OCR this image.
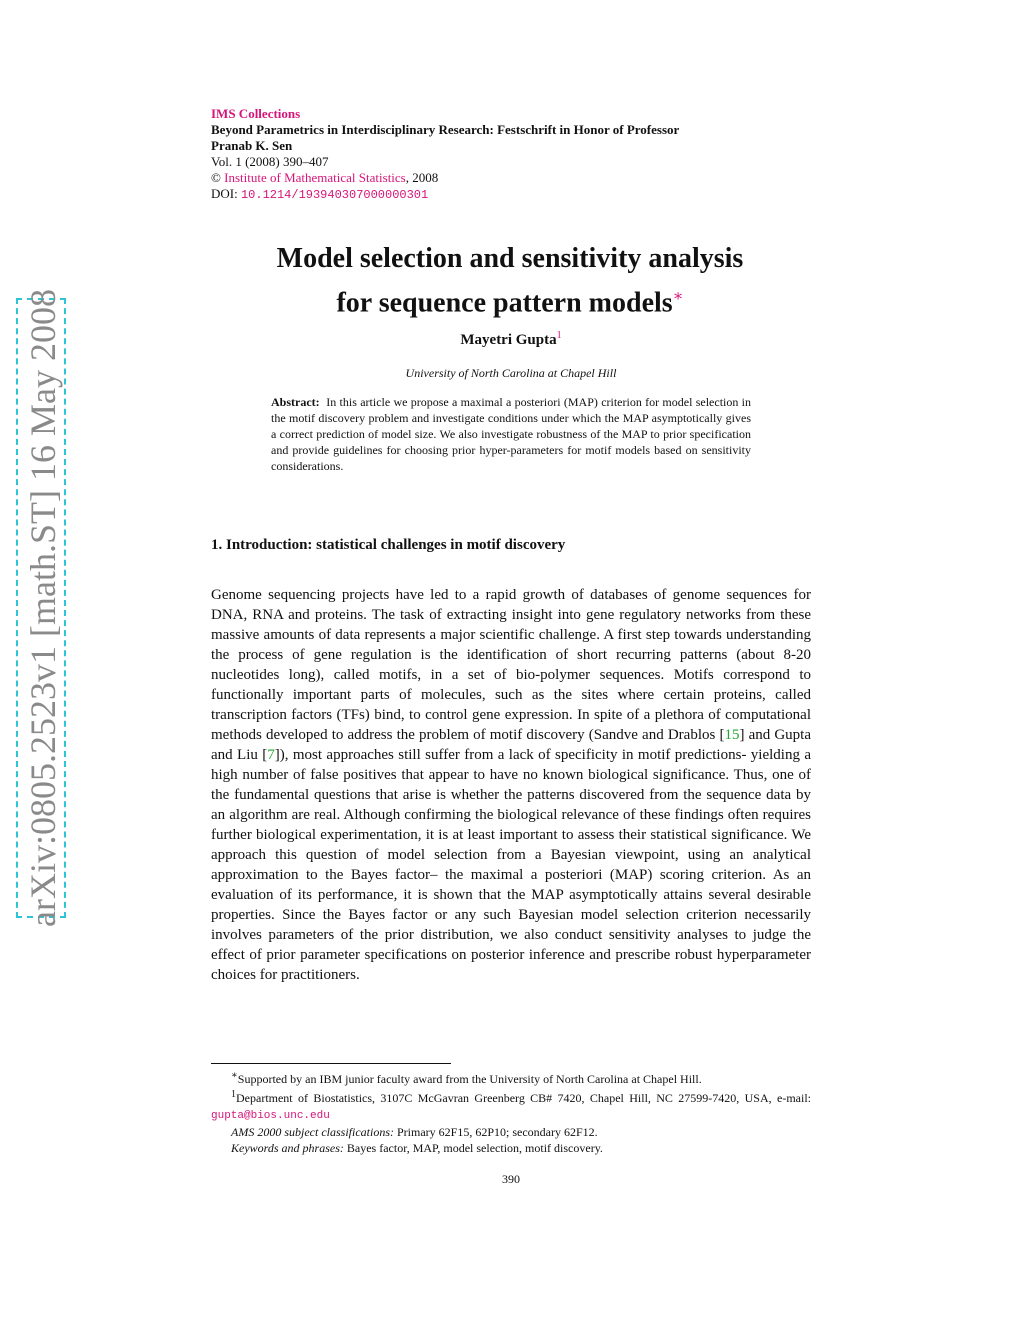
arXiv:0805.2523v1 [math.ST] 16 May 2008
IMS Collections
Beyond Parametrics in Interdisciplinary Research: Festschrift in Honor of Professor
Pranab K. Sen
Vol. 1 (2008) 390–407
© Institute of Mathematical Statistics, 2008
DOI: 10.1214/193940307000000301
Model selection and sensitivity analysis
for sequence pattern models∗
Mayetri Gupta$^1$
University of North Carolina at Chapel Hill
Abstract: In this article we propose a maximal a posteriori (MAP) criterion for model selection in the motif discovery problem and investigate conditions under which the MAP asymptotically gives a correct prediction of model size. We also investigate robustness of the MAP to prior specification and provide guidelines for choosing prior hyper-parameters for motif models based on sensitivity considerations.
1. Introduction: statistical challenges in motif discovery
Genome sequencing projects have led to a rapid growth of databases of genome sequences for DNA, RNA and proteins. The task of extracting insight into gene regulatory networks from these massive amounts of data represents a major scientific challenge. A first step towards understanding the process of gene regulation is the identification of short recurring patterns (about 8-20 nucleotides long), called motifs, in a set of bio-polymer sequences. Motifs correspond to functionally important parts of molecules, such as the sites where certain proteins, called transcription factors (TFs) bind, to control gene expression. In spite of a plethora of computational methods developed to address the problem of motif discovery (Sandve and Drablos [15] and Gupta and Liu [7]), most approaches still suffer from a lack of specificity in motif predictions- yielding a high number of false positives that appear to have no known biological significance. Thus, one of the fundamental questions that arise is whether the patterns discovered from the sequence data by an algorithm are real. Although confirming the biological relevance of these findings often requires further biological experimentation, it is at least important to assess their statistical significance. We approach this question of model selection from a Bayesian viewpoint, using an analytical approximation to the Bayes factor– the maximal a posteriori (MAP) scoring criterion. As an evaluation of its performance, it is shown that the MAP asymptotically attains several desirable properties. Since the Bayes factor or any such Bayesian model selection criterion necessarily involves parameters of the prior distribution, we also conduct sensitivity analyses to judge the effect of prior parameter specifications on posterior inference and prescribe robust hyperparameter choices for practitioners.

∗Supported by an IBM junior faculty award from the University of North Carolina at Chapel Hill.

$^1$Department of Biostatistics, 3107C McGavran Greenberg CB# 7420, Chapel Hill, NC 27599-7420, USA, e-mail: gupta@bios.unc.edu

AMS 2000 subject classifications: Primary 62F15, 62P10; secondary 62F12.

Keywords and phrases: Bayes factor, MAP, model selection, motif discovery.

390
